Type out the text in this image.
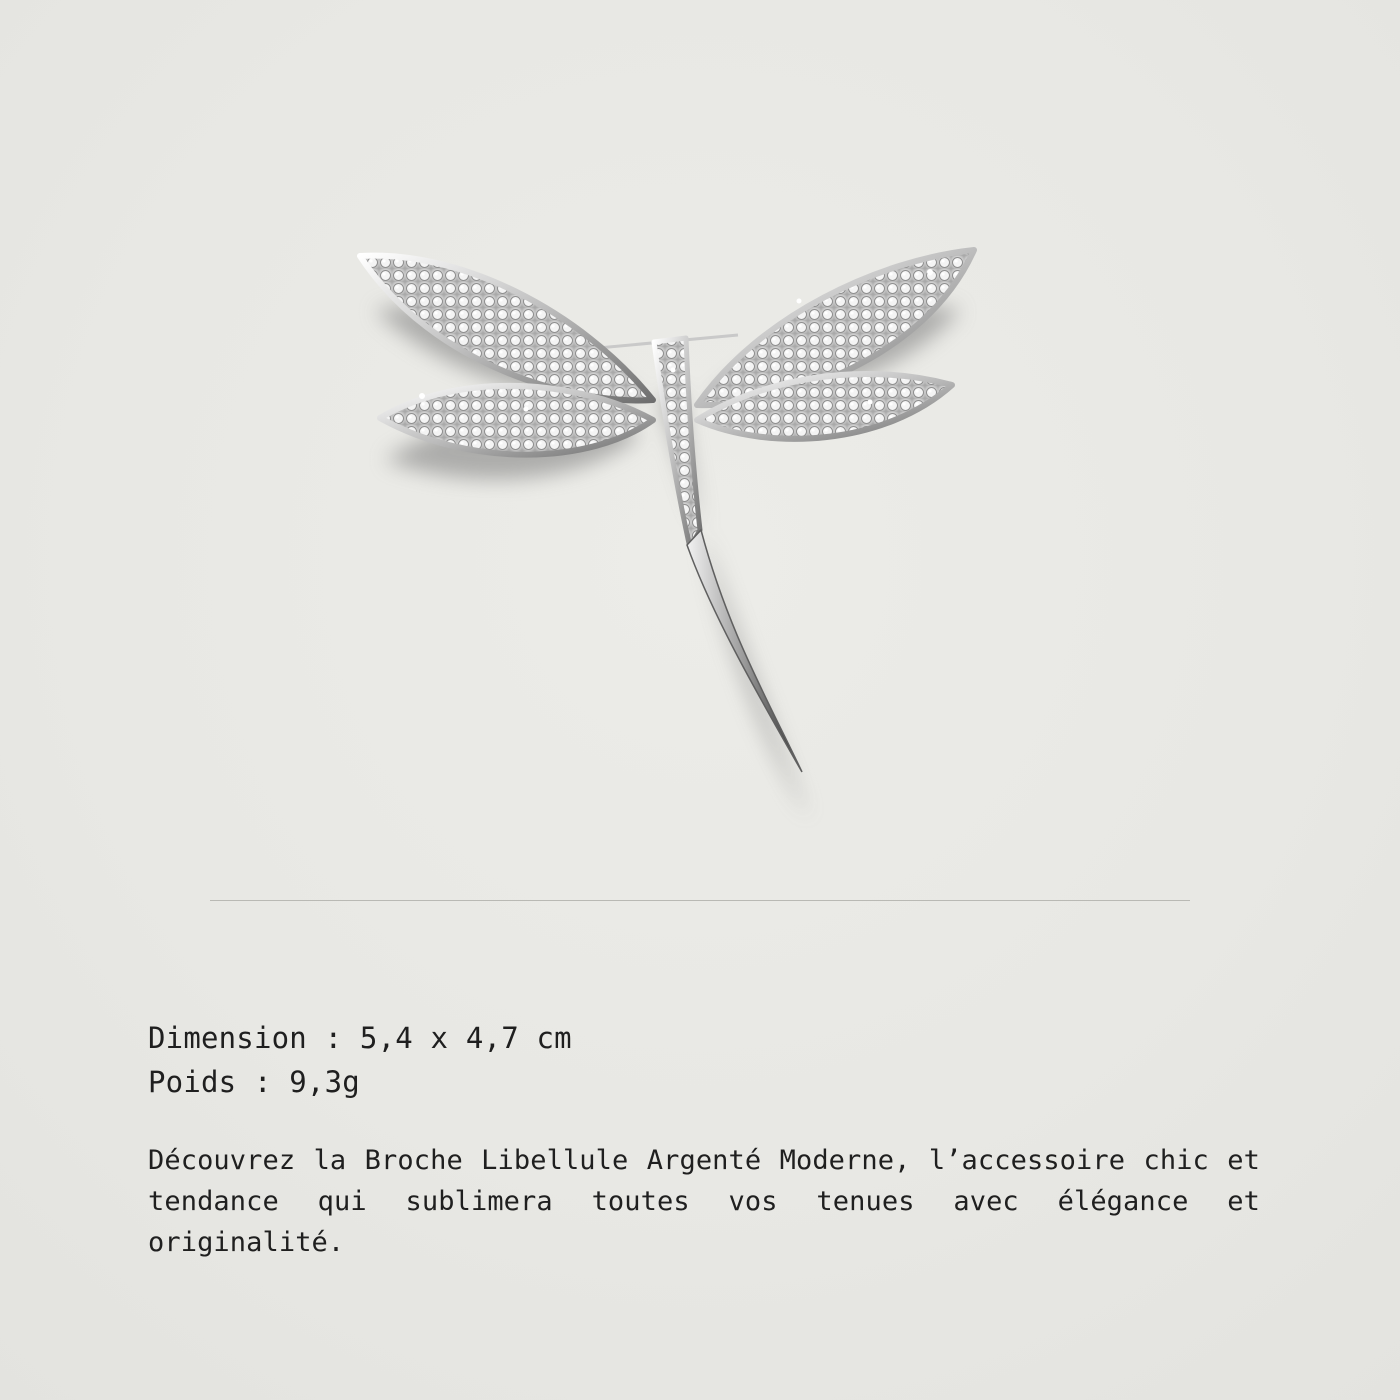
Dimension : 5,4 x 4,7 cm
Poids : 9,3g
Découvrez la Broche Libellule Argenté Moderne, l’accessoire chic et tendance qui sublimera toutes vos tenues avec élégance et originalité.
